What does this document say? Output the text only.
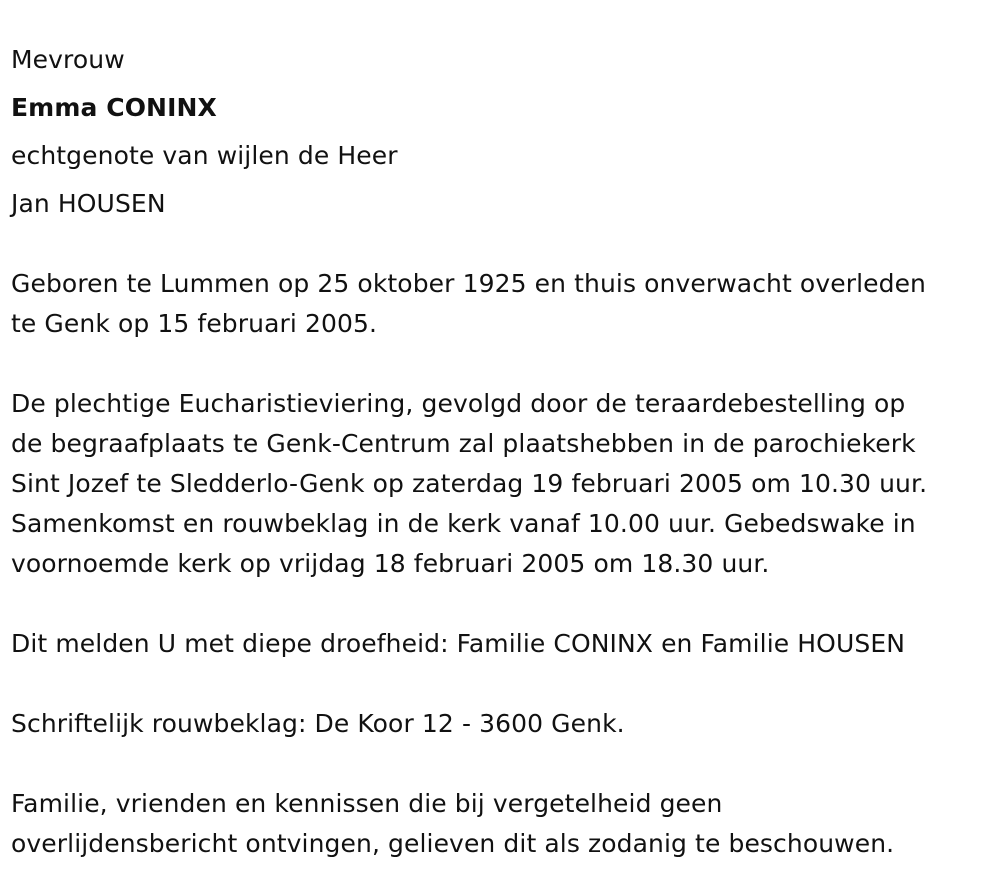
Mevrouw
Emma CONINX
echtgenote van wijlen de Heer
Jan HOUSEN

Geboren te Lummen op 25 oktober 1925 en thuis onverwacht overleden
te Genk op 15 februari 2005.

De plechtige Eucharistieviering, gevolgd door de teraardebestelling op
de begraafplaats te Genk-Centrum zal plaatshebben in de parochiekerk
Sint Jozef te Sledderlo-Genk op zaterdag 19 februari 2005 om 10.30 uur.
Samenkomst en rouwbeklag in de kerk vanaf 10.00 uur. Gebedswake in
voornoemde kerk op vrijdag 18 februari 2005 om 18.30 uur.

Dit melden U met diepe droefheid: Familie CONINX en Familie HOUSEN

Schriftelijk rouwbeklag: De Koor 12 - 3600 Genk.

Familie, vrienden en kennissen die bij vergetelheid geen
overlijdensbericht ontvingen, gelieven dit als zodanig te beschouwen.
